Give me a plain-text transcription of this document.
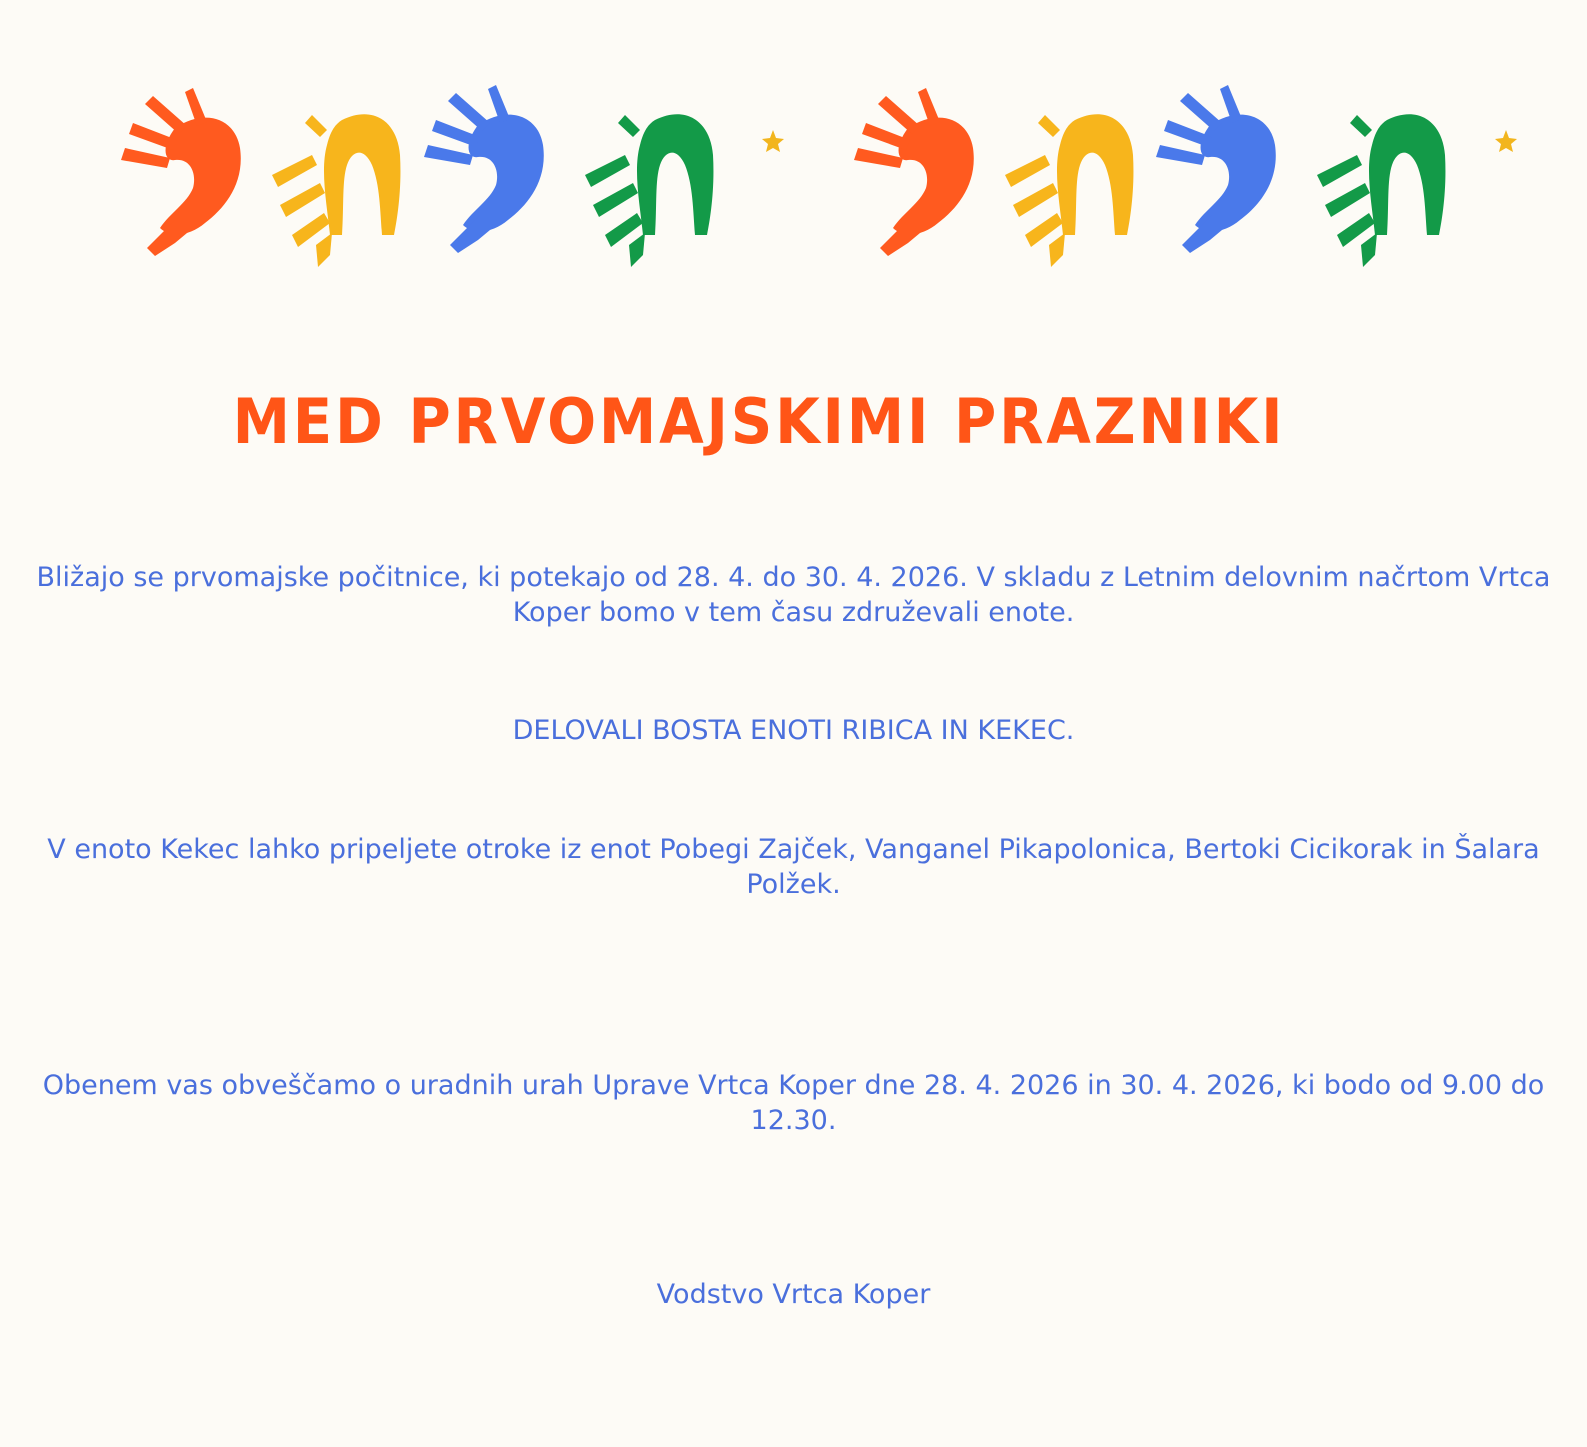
MED PRVOMAJSKIMI PRAZNIKI
Bližajo se prvomajske počitnice, ki potekajo od 28. 4. do 30. 4. 2026. V skladu z Letnim delovnim načrtom Vrtca Koper bomo v tem času združevali enote.
DELOVALI BOSTA ENOTI RIBICA IN KEKEC.
V enoto Kekec lahko pripeljete otroke iz enot Pobegi Zajček, Vanganel Pikapolonica, Bertoki Cicikorak in Šalara Polžek.
Obenem vas obveščamo o uradnih urah Uprave Vrtca Koper dne 28. 4. 2026 in 30. 4. 2026, ki bodo od 9.00 do 12.30.
Vodstvo Vrtca Koper
